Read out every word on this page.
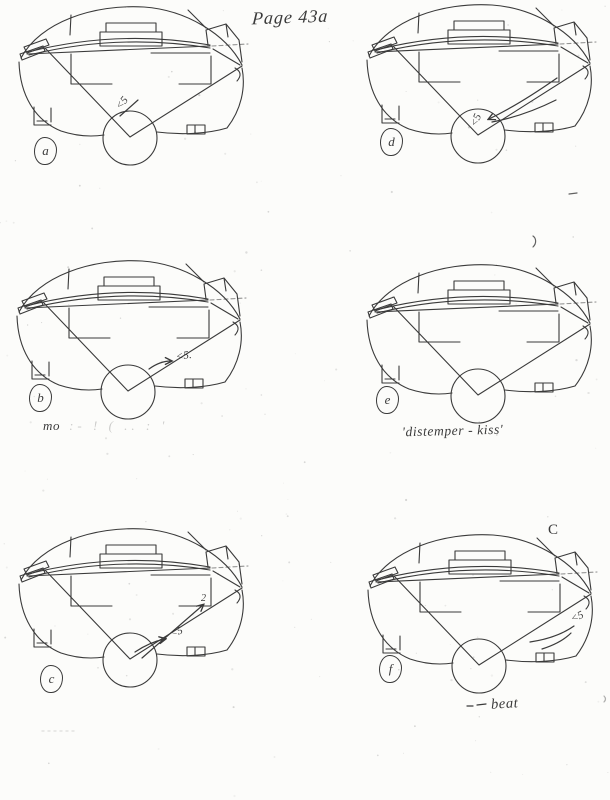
Page 43a
a
d
b	e
c
f
<5
<5
<5.
<5
2
<5
C
mo :- ! ( .. : '	'distemper - kiss'
beat
